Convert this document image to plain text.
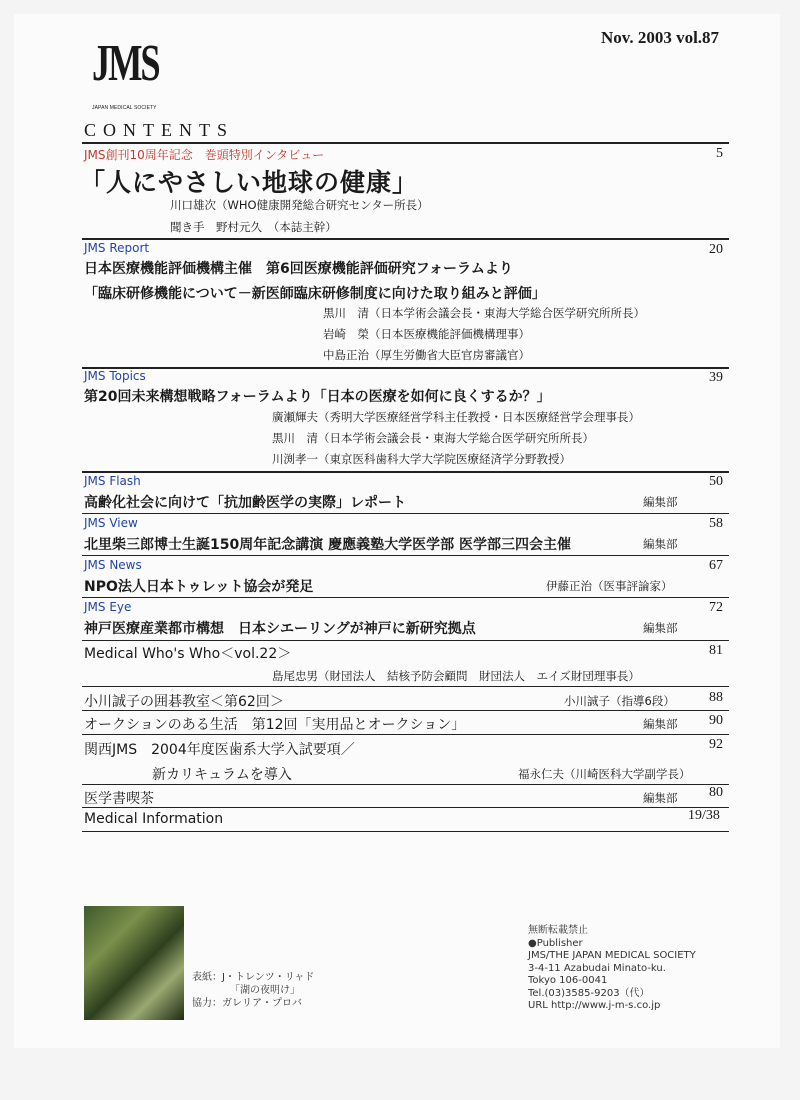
Nov. 2003 vol.87
JMS
JAPAN MEDICAL SOCIETY
CONTENTS
JMS創刊10周年記念　巻頭特別インタビュー	5
「人にやさしい地球の健康」
川口雄次（WHO健康開発総合研究センター所長）
聞き手　野村元久　（本誌主幹）
JMS Report	20
日本医療機能評価機構主催　第6回医療機能評価研究フォーラムより
「臨床研修機能について－新医師臨床研修制度に向けた取り組みと評価」
黒川　清（日本学術会議会長・東海大学総合医学研究所所長）
岩崎　榮（日本医療機能評価機構理事）
中島正治（厚生労働省大臣官房審議官）
JMS Topics	39
第20回未来構想戦略フォーラムより「日本の医療を如何に良くするか？」
廣瀬輝夫（秀明大学医療経営学科主任教授・日本医療経営学会理事長）
黒川　清（日本学術会議会長・東海大学総合医学研究所所長）
川渕孝一（東京医科歯科大学大学院医療経済学分野教授）
JMS Flash	50
高齢化社会に向けて「抗加齢医学の実際」レポート	編集部
JMS View	58
北里柴三郎博士生誕150周年記念講演 慶應義塾大学医学部 医学部三四会主催	編集部
JMS News	67
NPO法人日本トゥレット協会が発足	伊藤正治（医事評論家）
JMS Eye	72
神戸医療産業都市構想　日本シエーリングが神戸に新研究拠点	編集部
Medical Who's Who＜vol.22＞	81
島尾忠男（財団法人　結核予防会顧問　財団法人　エイズ財団理事長）
小川誠子の囲碁教室＜第62回＞	88
小川誠子（指導6段）
オークションのある生活　第12回「実用品とオークション」	90
編集部
関西JMS　2004年度医歯系大学入試要項／	92
新カリキュラムを導入	福永仁夫（川崎医科大学副学長）
医学書喫茶	80
編集部
Medical Information	19/38
表紙：J・トレンツ・リャド
「湖の夜明け」
協力：ガレリア・プロバ
無断転載禁止
●Publisher
JMS/THE JAPAN MEDICAL SOCIETY
3-4-11 Azabudai Minato-ku.
Tokyo 106-0041
Tel.(03)3585-9203（代）
URL http://www.j-m-s.co.jp
